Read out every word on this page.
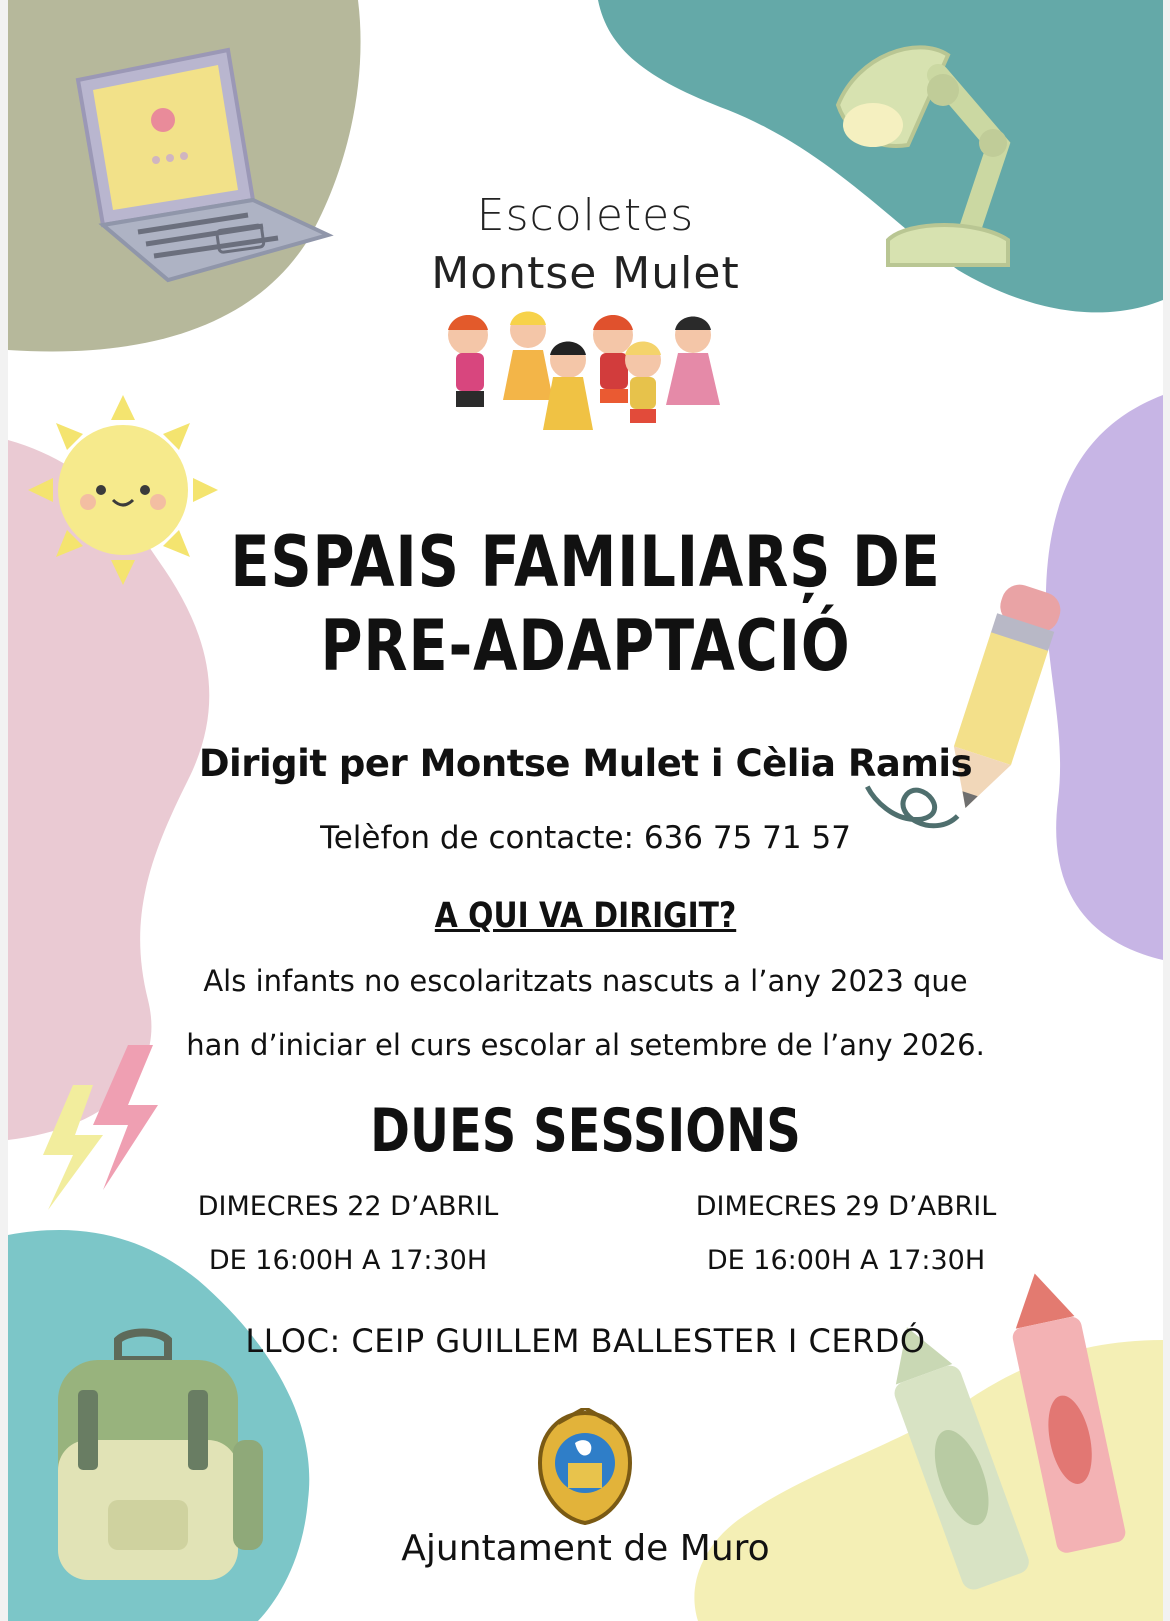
Escoletes
Montse Mulet
ESPAIS FAMILIARȘ DE
PRE-ADAPTACIÓ
Dirigit per Montse Mulet i Cèlia Ramis
Telèfon de contacte: 636 75 71 57
A QUI VA DIRIGIT?
Als infants no escolaritzats nascuts a l’any 2023 que
han d’iniciar el curs escolar al setembre de l’any 2026.
DUES SESSIONS
DIMECRES 22 D’ABRIL
DE 16:00H A 17:30H
DIMECRES 29 D’ABRIL
DE 16:00H A 17:30H
LLOC: CEIP GUILLEM BALLESTER I CERDÓ
Ajuntament de Muro
